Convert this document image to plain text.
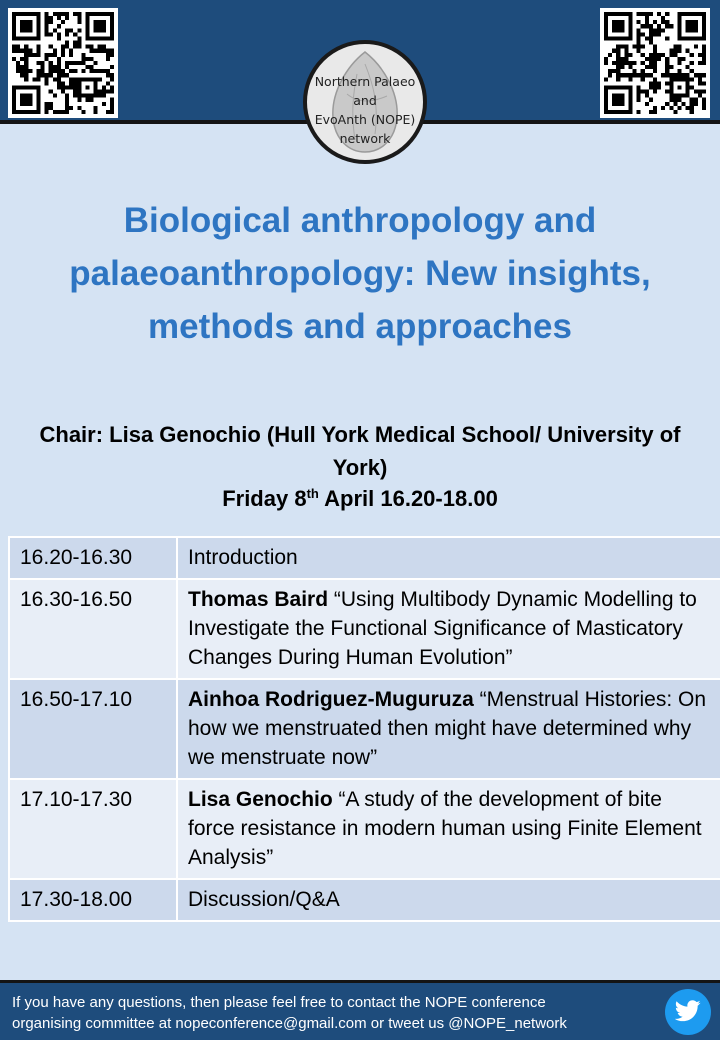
Northern Palaeo
and
EvoAnth (NOPE)
network
Biological anthropology and palaeoanthropology: New insights, methods and approaches
Chair: Lisa Genochio (Hull York Medical School/ University of York)
Friday 8th April 16.20-18.00
16.20-16.30	Introduction
16.30-16.50	Thomas Baird “Using Multibody Dynamic Modelling to Investigate the Functional Significance of Masticatory Changes During Human Evolution”
16.50-17.10	Ainhoa Rodriguez-Muguruza “Menstrual Histories: On how we menstruated then might have determined why we menstruate now”
17.10-17.30	Lisa Genochio “A study of the development of bite force resistance in modern human using Finite Element Analysis”
17.30-18.00	Discussion/Q&A
If you have any questions, then please feel free to contact the NOPE conference
organising committee at nopeconference@gmail.com or tweet us @NOPE_network
